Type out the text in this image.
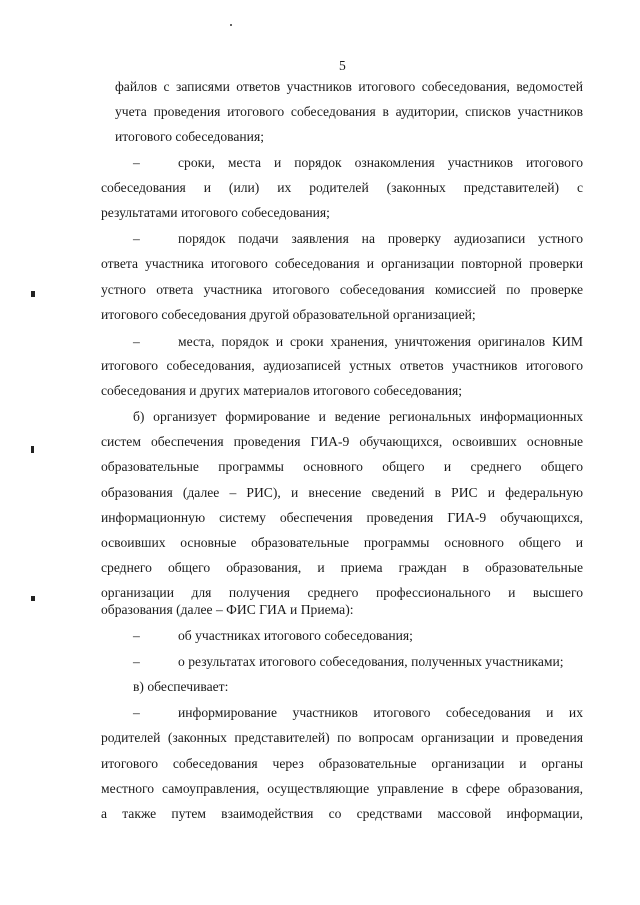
5
–
–
–
–
–
–
файлов с записями ответов участников итогового собеседования, ведомостей
учета проведения итогового собеседования в аудитории, списков участников
итогового собеседования;
сроки, места и порядок ознакомления участников итогового
собеседования и (или) их родителей (законных представителей) с
результатами итогового собеседования;
порядок подачи заявления на проверку аудиозаписи устного
ответа участника итогового собеседования и организации повторной проверки
устного ответа участника итогового собеседования комиссией по проверке
итогового собеседования другой образовательной организацией;
места, порядок и сроки хранения, уничтожения оригиналов КИМ
итогового собеседования, аудиозаписей устных ответов участников итогового
собеседования и других материалов итогового собеседования;
б) организует формирование и ведение региональных информационных
систем обеспечения проведения ГИА-9 обучающихся, освоивших основные
образовательные программы основного общего и среднего общего
образования (далее – РИС), и внесение сведений в РИС и федеральную
информационную систему обеспечения проведения ГИА-9 обучающихся,
освоивших основные образовательные программы основного общего и
среднего общего образования, и приема граждан в образовательные
организации для получения среднего профессионального и высшего
образования (далее – ФИС ГИА и Приема):
об участниках итогового собеседования;
о результатах итогового собеседования, полученных участниками;
в) обеспечивает:
информирование участников итогового собеседования и их
родителей (законных представителей) по вопросам организации и проведения
итогового собеседования через образовательные организации и органы
местного самоуправления, осуществляющие управление в сфере образования,
а также путем взаимодействия со средствами массовой информации,
